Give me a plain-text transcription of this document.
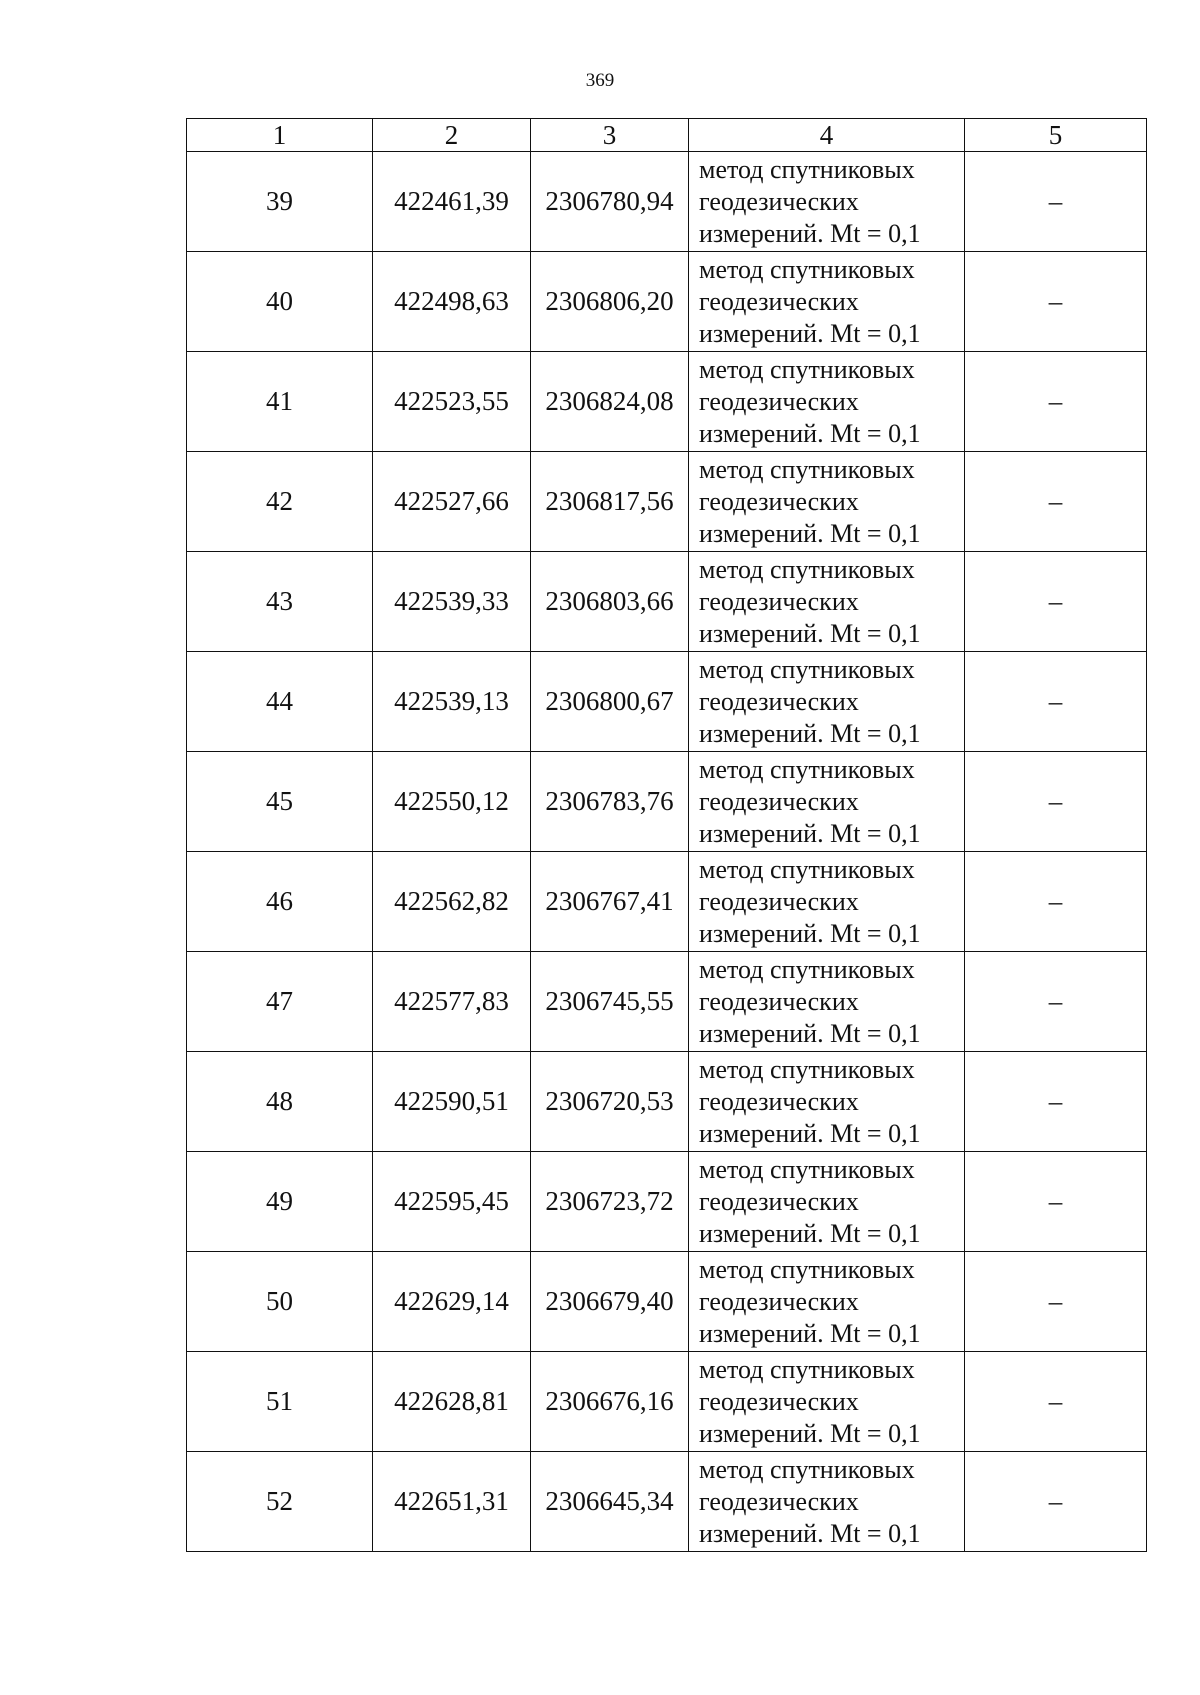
369
1	2	3	4	5
39	422461,39	2306780,94	метод спутниковых
геодезических
измерений. Mt = 0,1	–
40	422498,63	2306806,20	метод спутниковых
геодезических
измерений. Mt = 0,1	–
41	422523,55	2306824,08	метод спутниковых
геодезических
измерений. Mt = 0,1	–
42	422527,66	2306817,56	метод спутниковых
геодезических
измерений. Mt = 0,1	–
43	422539,33	2306803,66	метод спутниковых
геодезических
измерений. Mt = 0,1	–
44	422539,13	2306800,67	метод спутниковых
геодезических
измерений. Mt = 0,1	–
45	422550,12	2306783,76	метод спутниковых
геодезических
измерений. Mt = 0,1	–
46	422562,82	2306767,41	метод спутниковых
геодезических
измерений. Mt = 0,1	–
47	422577,83	2306745,55	метод спутниковых
геодезических
измерений. Mt = 0,1	–
48	422590,51	2306720,53	метод спутниковых
геодезических
измерений. Mt = 0,1	–
49	422595,45	2306723,72	метод спутниковых
геодезических
измерений. Mt = 0,1	–
50	422629,14	2306679,40	метод спутниковых
геодезических
измерений. Mt = 0,1	–
51	422628,81	2306676,16	метод спутниковых
геодезических
измерений. Mt = 0,1	–
52	422651,31	2306645,34	метод спутниковых
геодезических
измерений. Mt = 0,1	–
